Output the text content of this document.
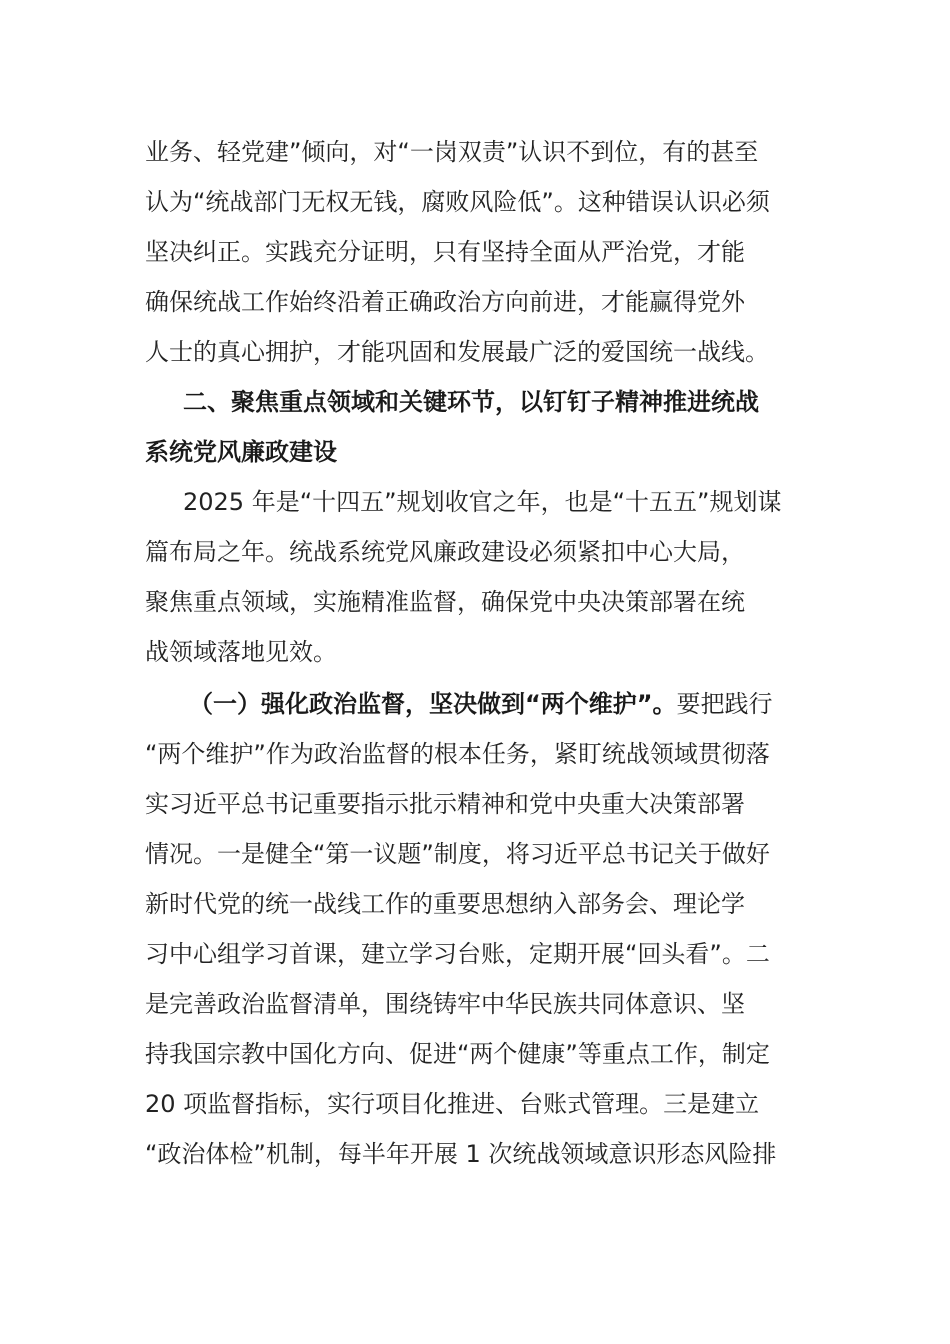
业务、轻党建”倾向，对“一岗双责”认识不到位，有的甚至
认为“统战部门无权无钱，腐败风险低”。这种错误认识必须
坚决纠正。实践充分证明，只有坚持全面从严治党，才能
确保统战工作始终沿着正确政治方向前进，才能赢得党外
人士的真心拥护，才能巩固和发展最广泛的爱国统一战线。
二、聚焦重点领域和关键环节，以钉钉子精神推进统战
系统党风廉政建设
2025 年是“十四五”规划收官之年，也是“十五五”规划谋
篇布局之年。统战系统党风廉政建设必须紧扣中心大局，
聚焦重点领域，实施精准监督，确保党中央决策部署在统
战领域落地见效。
（一）强化政治监督，坚决做到“两个维护”。要把践行
“两个维护”作为政治监督的根本任务，紧盯统战领域贯彻落
实习近平总书记重要指示批示精神和党中央重大决策部署
情况。一是健全“第一议题”制度，将习近平总书记关于做好
新时代党的统一战线工作的重要思想纳入部务会、理论学
习中心组学习首课，建立学习台账，定期开展“回头看”。二
是完善政治监督清单，围绕铸牢中华民族共同体意识、坚
持我国宗教中国化方向、促进“两个健康”等重点工作，制定
20 项监督指标，实行项目化推进、台账式管理。三是建立
“政治体检”机制，每半年开展 1 次统战领域意识形态风险排
